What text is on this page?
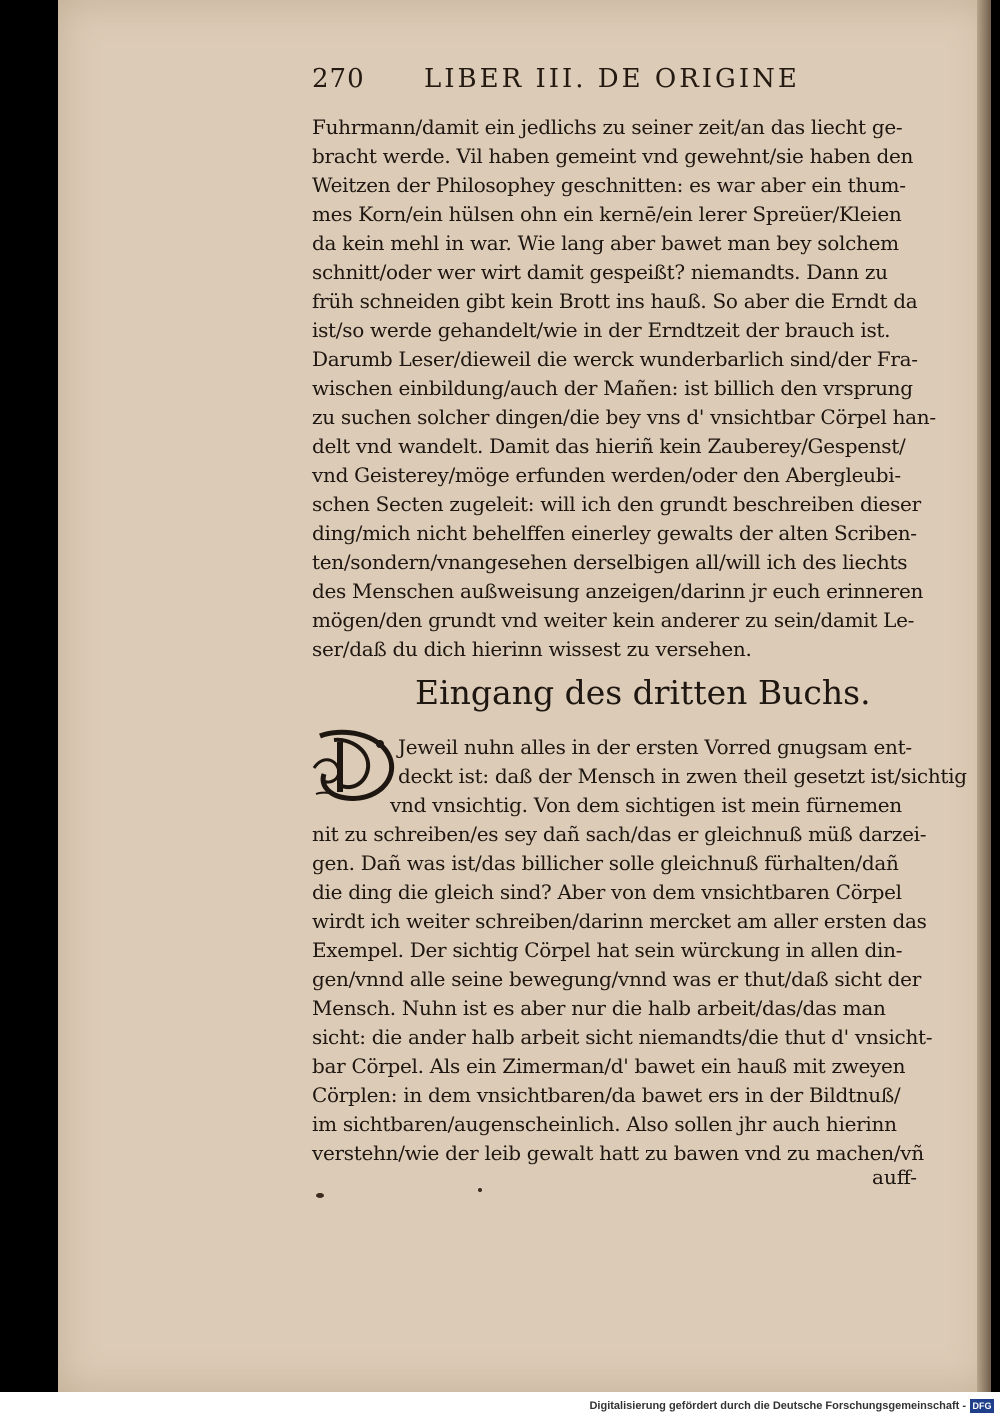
270 LIBER III. DE ORIGINE
Fuhrmann/damit ein jedlichs zu seiner zeit/an das liecht ge-
bracht werde. Vil haben gemeint vnd gewehnt/sie haben den
Weitzen der Philosophey geschnitten: es war aber ein thum-
mes Korn/ein hülsen ohn ein kernē/ein lerer Spreüer/Kleien
da kein mehl in war. Wie lang aber bawet man bey solchem
schnitt/oder wer wirt damit gespeißt? niemandts. Dann zu
früh schneiden gibt kein Brott ins hauß. So aber die Erndt da
ist/so werde gehandelt/wie in der Erndtzeit der brauch ist.
Darumb Leser/dieweil die werck wunderbarlich sind/der Fra-
wischen einbildung/auch der Mañen: ist billich den vrsprung
zu suchen solcher dingen/die bey vns d' vnsichtbar Cörpel han-
delt vnd wandelt. Damit das hieriñ kein Zauberey/Gespenst/
vnd Geisterey/möge erfunden werden/oder den Abergleubi-
schen Secten zugeleit: will ich den grundt beschreiben dieser
ding/mich nicht behelffen einerley gewalts der alten Scriben-
ten/sondern/vnangesehen derselbigen all/will ich des liechts
des Menschen außweisung anzeigen/darinn jr euch erinneren
mögen/den grundt vnd weiter kein anderer zu sein/damit Le-
ser/daß du dich hierinn wissest zu versehen.
Eingang des dritten Buchs.
Jeweil nuhn alles in der ersten Vorred gnugsam ent-
deckt ist: daß der Mensch in zwen theil gesetzt ist/sichtig
vnd vnsichtig. Von dem sichtigen ist mein fürnemen
nit zu schreiben/es sey dañ sach/das er gleichnuß müß darzei-
gen. Dañ was ist/das billicher solle gleichnuß fürhalten/dañ
die ding die gleich sind? Aber von dem vnsichtbaren Cörpel
wirdt ich weiter schreiben/darinn mercket am aller ersten das
Exempel. Der sichtig Cörpel hat sein würckung in allen din-
gen/vnnd alle seine bewegung/vnnd was er thut/daß sicht der
Mensch. Nuhn ist es aber nur die halb arbeit/das/das man
sicht: die ander halb arbeit sicht niemandts/die thut d' vnsicht-
bar Cörpel. Als ein Zimerman/d' bawet ein hauß mit zweyen
Cörplen: in dem vnsichtbaren/da bawet ers in der Bildtnuß/
im sichtbaren/augenscheinlich. Also sollen jhr auch hierinn
verstehn/wie der leib gewalt hatt zu bawen vnd zu machen/vñ
auff-
Digitalisierung gefördert durch die Deutsche Forschungsgemeinschaft - DFG
